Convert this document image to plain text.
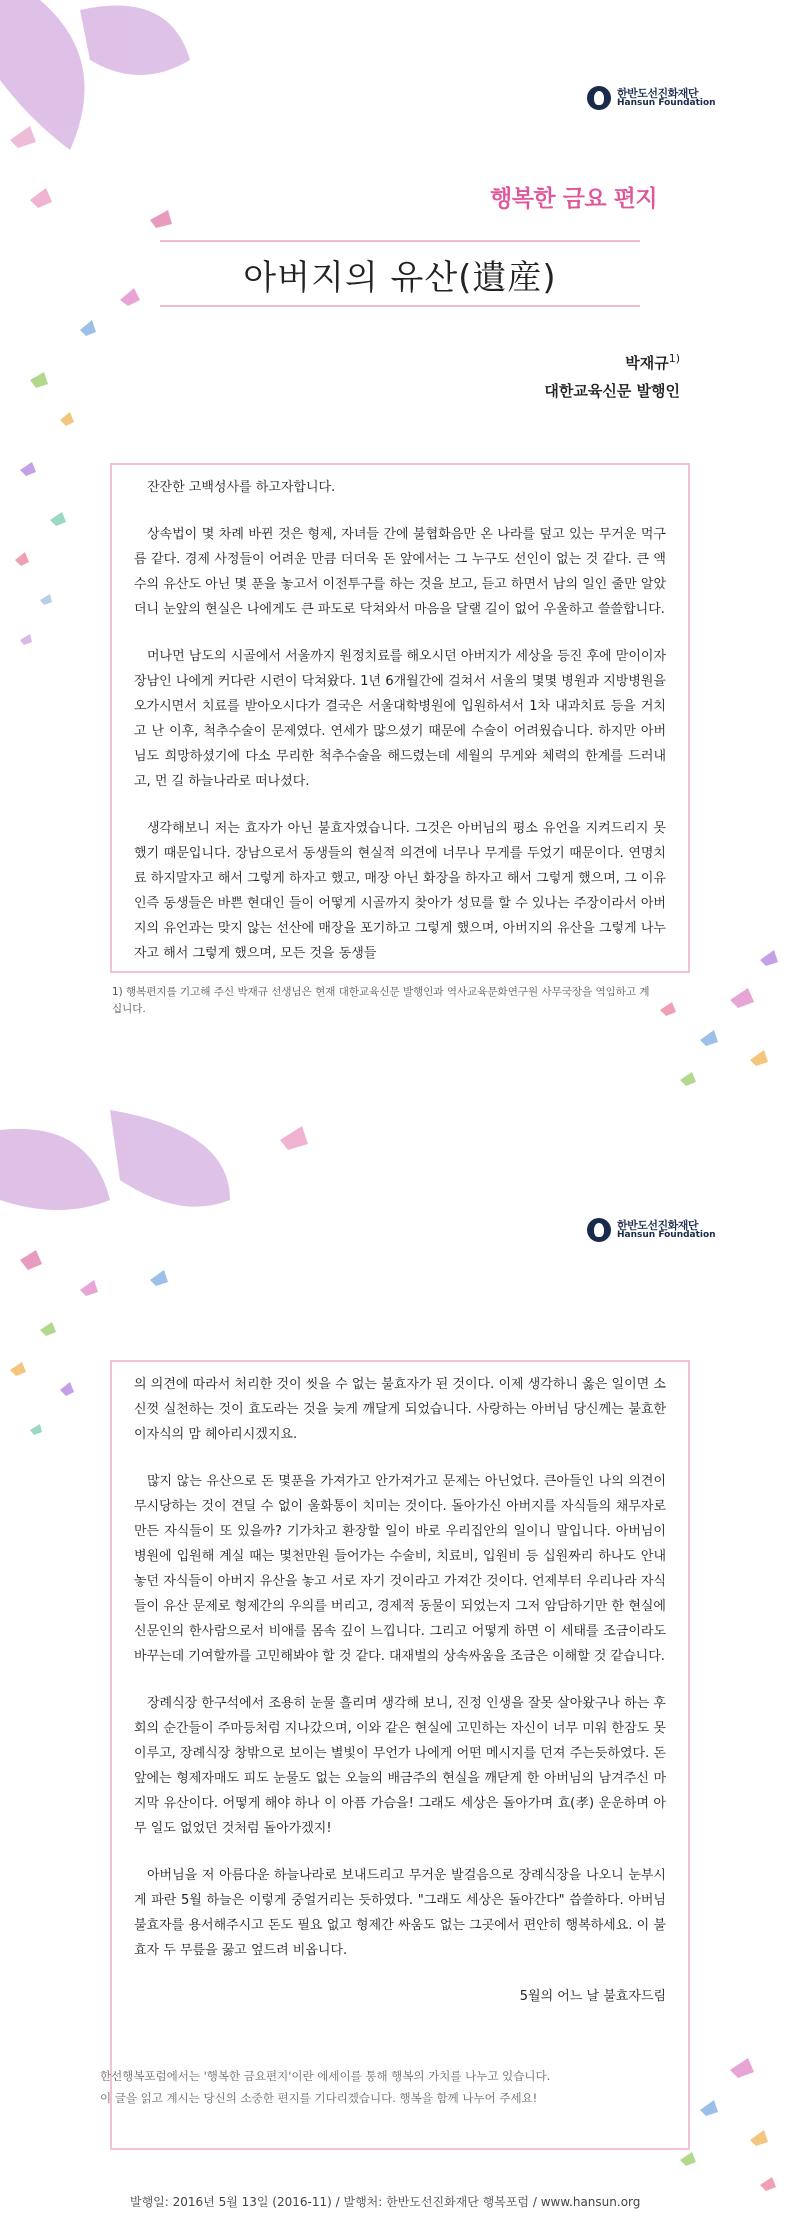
한반도선진화재단
Hansun Foundation
행복한 금요 편지
아버지의 유산(遺産)
박재규$^{1)}$
대한교육신문 발행인

잔잔한 고백성사를 하고자합니다.

상속법이 몇 차례 바뀐 것은 형제, 자녀들 간에 불협화음만 온 나라를 덮고 있는 무거운 먹구름 같다. 경제 사정들이 어려운 만큼 더더욱 돈 앞에서는 그 누구도 선인이 없는 것 같다. 큰 액수의 유산도 아닌 몇 푼을 놓고서 이전투구를 하는 것을 보고, 듣고 하면서 남의 일인 줄만 알았더니 눈앞의 현실은 나에게도 큰 파도로 닥쳐와서 마음을 달랠 길이 없어 우울하고 쓸쓸합니다.

머나먼 남도의 시골에서 서울까지 원정치료를 해오시던 아버지가 세상을 등진 후에 맏이이자 장남인 나에게 커다란 시련이 닥쳐왔다. 1년 6개월간에 걸쳐서 서울의 몇몇 병원과 지방병원을 오가시면서 치료를 받아오시다가 결국은 서울대학병원에 입원하셔서 1차 내과치료 등을 거치고 난 이후, 척추수술이 문제였다. 연세가 많으셨기 때문에 수술이 어려웠습니다. 하지만 아버님도 희망하셨기에 다소 무리한 척추수술을 해드렸는데 세월의 무게와 체력의 한계를 드러내고, 먼 길 하늘나라로 떠나셨다.

생각해보니 저는 효자가 아닌 불효자였습니다. 그것은 아버님의 평소 유언을 지켜드리지 못했기 때문입니다. 장남으로서 동생들의 현실적 의견에 너무나 무게를 두었기 때문이다. 연명치료 하지말자고 해서 그렇게 하자고 했고, 매장 아닌 화장을 하자고 해서 그렇게 했으며, 그 이유인즉 동생들은 바쁜 현대인 들이 어떻게 시골까지 찾아가 성묘를 할 수 있나는 주장이라서 아버지의 유언과는 맞지 않는 선산에 매장을 포기하고 그렇게 했으며, 아버지의 유산을 그렇게 나누자고 해서 그렇게 했으며, 모든 것을 동생들

1) 행복편지를 기고해 주신 박재규 선생님은 현재 대한교육신문 발행인과 역사교육문화연구원 사무국장을 역임하고 계십니다.
한반도선진화재단
Hansun Foundation

의 의견에 따라서 처리한 것이 씻을 수 없는 불효자가 된 것이다. 이제 생각하니 옳은 일이면 소신껏 실천하는 것이 효도라는 것을 늦게 깨달게 되었습니다. 사랑하는 아버님 당신께는 불효한 이자식의 맘 헤아리시겠지요.

많지 않는 유산으로 돈 몇푼을 가져가고 안가져가고 문제는 아닌었다. 큰아들인 나의 의견이 무시당하는 것이 견딜 수 없이 울화통이 치미는 것이다. 돌아가신 아버지를 자식들의 채무자로 만든 자식들이 또 있을까? 기가차고 환장할 일이 바로 우리집안의 일이니 말입니다. 아버님이 병원에 입원해 계실 때는 몇천만원 들어가는 수술비, 치료비, 입원비 등 십원짜리 하나도 안내놓던 자식들이 아버지 유산을 놓고 서로 자기 것이라고 가져간 것이다. 언제부터 우리나라 자식들이 유산 문제로 형제간의 우의를 버리고, 경제적 동물이 되었는지 그저 암담하기만 한 현실에 신문인의 한사람으로서 비애를 몸속 깊이 느낍니다. 그리고 어떻게 하면 이 세태를 조금이라도 바꾸는데 기여할까를 고민해봐야 할 것 같다. 대재벌의 상속싸움을 조금은 이해할 것 같습니다.

장례식장 한구석에서 조용히 눈물 흘리며 생각해 보니, 진정 인생을 잘못 살아왔구나 하는 후회의 순간들이 주마등처럼 지나갔으며, 이와 같은 현실에 고민하는 자신이 너무 미워 한잠도 못 이루고, 장례식장 창밖으로 보이는 별빛이 무언가 나에게 어떤 메시지를 던져 주는듯하였다. 돈 앞에는 형제자매도 피도 눈물도 없는 오늘의 배금주의 현실을 깨닫게 한 아버님의 남겨주신 마지막 유산이다. 어떻게 해야 하나 이 아픔 가슴을! 그래도 세상은 돌아가며 효(孝) 운운하며 아무 일도 없었던 것처럼 돌아가겠지!

아버님을 저 아름다운 하늘나라로 보내드리고 무거운 발걸음으로 장례식장을 나오니 눈부시게 파란 5월 하늘은 이렇게 중얼거리는 듯하였다. "그래도 세상은 돌아간다" 씁쓸하다. 아버님 불효자를 용서해주시고 돈도 필요 없고 형제간 싸움도 없는 그곳에서 편안히 행복하세요. 이 불효자 두 무릎을 꿇고 엎드려 비옵니다.

5월의 어느 날 불효자드림
한선행복포럼에서는 '행복한 금요편지'이란 에세이를 통해 행복의 가치를 나누고 있습니다.
이 글을 읽고 계시는 당신의 소중한 편지를 기다리겠습니다. 행복을 함께 나누어 주세요!
발행일: 2016년 5월 13일 (2016-11) / 발행처: 한반도선진화재단 행복포럼 / www.hansun.org
